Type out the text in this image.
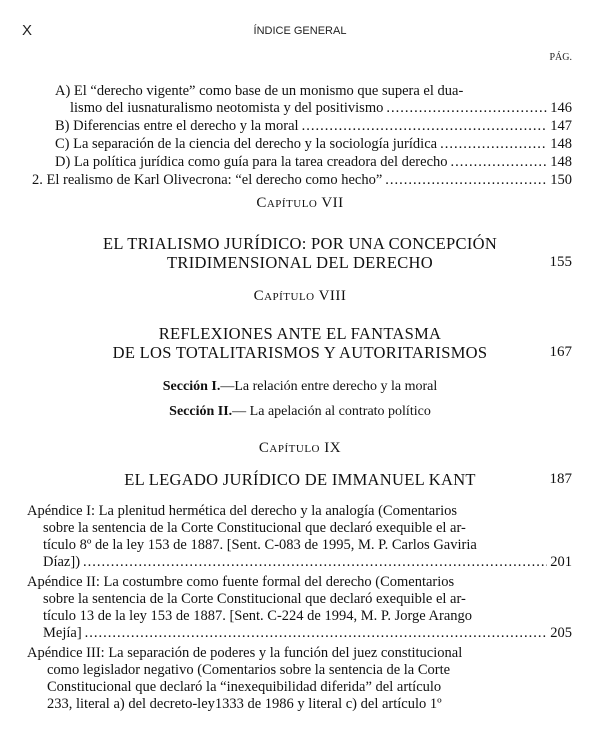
X	ÍNDICE GENERAL
PÁG.
A) El “derecho vigente” como base de un monismo que supera el dua-
lismo del iusnaturalismo neotomista y del positivismo .....	146
B) Diferencias entre el derecho y la moral .....	147
C) La separación de la ciencia del derecho y la sociología jurídica .....	148
D) La política jurídica como guía para la tarea creadora del derecho .....	148
2. El realismo de Karl Olivecrona: “el derecho como hecho” .....	150
Capítulo VII
EL TRIALISMO JURÍDICO: POR UNA CONCEPCIÓN
TRIDIMENSIONAL DEL DERECHO	155
Capítulo VIII
REFLEXIONES ANTE EL FANTASMA
DE LOS TOTALITARISMOS Y AUTORITARISMOS	167
Sección I.—La relación entre derecho y la moral
Sección II.— La apelación al contrato político
Capítulo IX
EL LEGADO JURÍDICO DE IMMANUEL KANT	187
Apéndice I: La plenitud hermética del derecho y la analogía (Comentarios
sobre la sentencia de la Corte Constitucional que declaró exequible el ar-
tículo 8º de la ley 153 de 1887. [Sent. C-083 de 1995, M. P. Carlos Gaviria
Díaz]) .....	201
Apéndice II: La costumbre como fuente formal del derecho (Comentarios
sobre la sentencia de la Corte Constitucional que declaró exequible el ar-
tículo 13 de la ley 153 de 1887. [Sent. C-224 de 1994, M. P. Jorge Arango
Mejía] .....	205
Apéndice III: La separación de poderes y la función del juez constitucional
como legislador negativo (Comentarios sobre la sentencia de la Corte
Constitucional que declaró la “inexequibilidad diferida” del artículo
233, literal a) del decreto-ley1333 de 1986 y literal c) del artículo 1º
